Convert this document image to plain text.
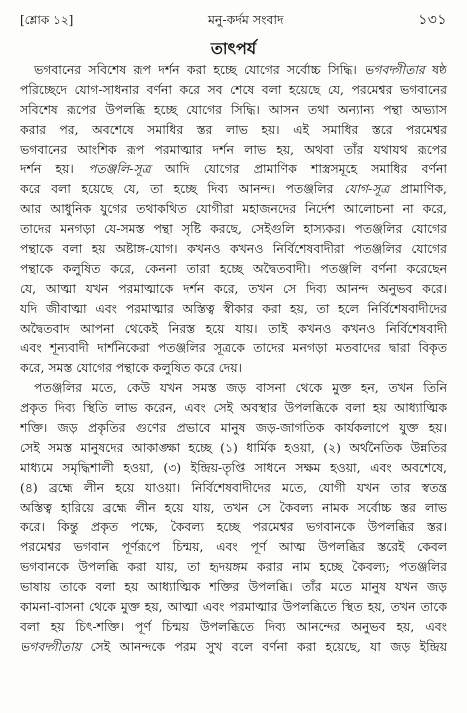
[শ্লোক ১২]	মনু-কর্দম সংবাদ	১৩১
তাৎপর্য
ভগবানের সবিশেষ রূপ দর্শন করা হচ্ছে যোগের সর্বোচ্চ সিদ্ধি। ভগবদ্গীতার ষষ্ঠ
পরিচ্ছেদে যোগ-সাধনার বর্ণনা করে সব শেষে বলা হয়েছে যে, পরমেশ্বর ভগবানের
সবিশেষ রূপের উপলব্ধি হচ্ছে যোগের সিদ্ধি। আসন তথা অন্যান্য পন্থা অভ্যাস
করার পর, অবশেষে সমাধির স্তর লাভ হয়। এই সমাধির স্তরে পরমেশ্বর
ভগবানের আংশিক রূপ পরমাত্মার দর্শন লাভ হয়, অথবা তাঁর যথাযথ রূপের
দর্শন হয়। পতঞ্জলি-সূত্র আদি যোগের প্রামাণিক শাস্ত্রসমূহে সমাধির বর্ণনা
করে বলা হয়েছে যে, তা হচ্ছে দিব্য আনন্দ। পতঞ্জলির যোগ-সূত্র প্রামাণিক,
আর আধুনিক যুগের তথাকথিত যোগীরা মহাজনদের নির্দেশ আলোচনা না করে,
তাদের মনগড়া যে-সমস্ত পন্থা সৃষ্টি করছে, সেইগুলি হাস্যকর। পতঞ্জলির যোগের
পন্থাকে বলা হয় অষ্টাঙ্গ-যোগ। কখনও কখনও নির্বিশেষবাদীরা পতঞ্জলির যোগের
পন্থাকে কলুষিত করে, কেননা তারা হচ্ছে অদ্বৈতবাদী। পতঞ্জলি বর্ণনা করেছেন
যে, আত্মা যখন পরমাত্মাকে দর্শন করে, তখন সে দিব্য আনন্দ অনুভব করে।
যদি জীবাত্মা এবং পরমাত্মার অস্তিত্ব স্বীকার করা হয়, তা হলে নির্বিশেষবাদীদের
অদ্বৈতবাদ আপনা থেকেই নিরস্ত হয়ে যায়। তাই কখনও কখনও নির্বিশেষবাদী
এবং শূন্যবাদী দার্শনিকেরা পতঞ্জলির সূত্রকে তাদের মনগড়া মতবাদের দ্বারা বিকৃত
করে, সমস্ত যোগের পন্থাকে কলুষিত করে দেয়।
পতঞ্জলির মতে, কেউ যখন সমস্ত জড় বাসনা থেকে মুক্ত হন, তখন তিনি
প্রকৃত দিব্য স্থিতি লাভ করেন, এবং সেই অবস্থার উপলব্ধিকে বলা হয় আধ্যাত্মিক
শক্তি। জড় প্রকৃতির গুণের প্রভাবে মানুষ জড়-জাগতিক কার্যকলাপে যুক্ত হয়।
সেই সমস্ত মানুষদের আকাঙ্ক্ষা হচ্ছে (১) ধার্মিক হওয়া, (২) অর্থনৈতিক উন্নতির
মাধ্যমে সমৃদ্ধিশালী হওয়া, (৩) ইন্দ্রিয়-তৃপ্তি সাধনে সক্ষম হওয়া, এবং অবশেষে,
(৪) ব্রহ্মে লীন হয়ে যাওয়া। নির্বিশেষবাদীদের মতে, যোগী যখন তার স্বতন্ত্র
অস্তিত্ব হারিয়ে ব্রহ্মে লীন হয়ে যায়, তখন সে কৈবল্য নামক সর্বোচ্চ স্তর লাভ
করে। কিন্তু প্রকৃত পক্ষে, কৈবল্য হচ্ছে পরমেশ্বর ভগবানকে উপলব্ধির স্তর।
পরমেশ্বর ভগবান পূর্ণরূপে চিন্ময়, এবং পূর্ণ আত্ম উপলব্ধির স্তরেই কেবল
ভগবানকে উপলব্ধি করা যায়, তা হৃদয়ঙ্গম করার নাম হচ্ছে কৈবল্য; পতঞ্জলির
ভাষায় তাকে বলা হয় আধ্যাত্মিক শক্তির উপলব্ধি। তাঁর মতে মানুষ যখন জড়
কামনা-বাসনা থেকে মুক্ত হয়, আত্মা এবং পরমাত্মার উপলব্ধিতে স্থিত হয়, তখন তাকে
বলা হয় চিৎ-শক্তি। পূর্ণ চিন্ময় উপলব্ধিতে দিব্য আনন্দের অনুভব হয়, এবং
ভগবদ্গীতায় সেই আনন্দকে পরম সুখ বলে বর্ণনা করা হয়েছে, যা জড় ইন্দ্রিয়
